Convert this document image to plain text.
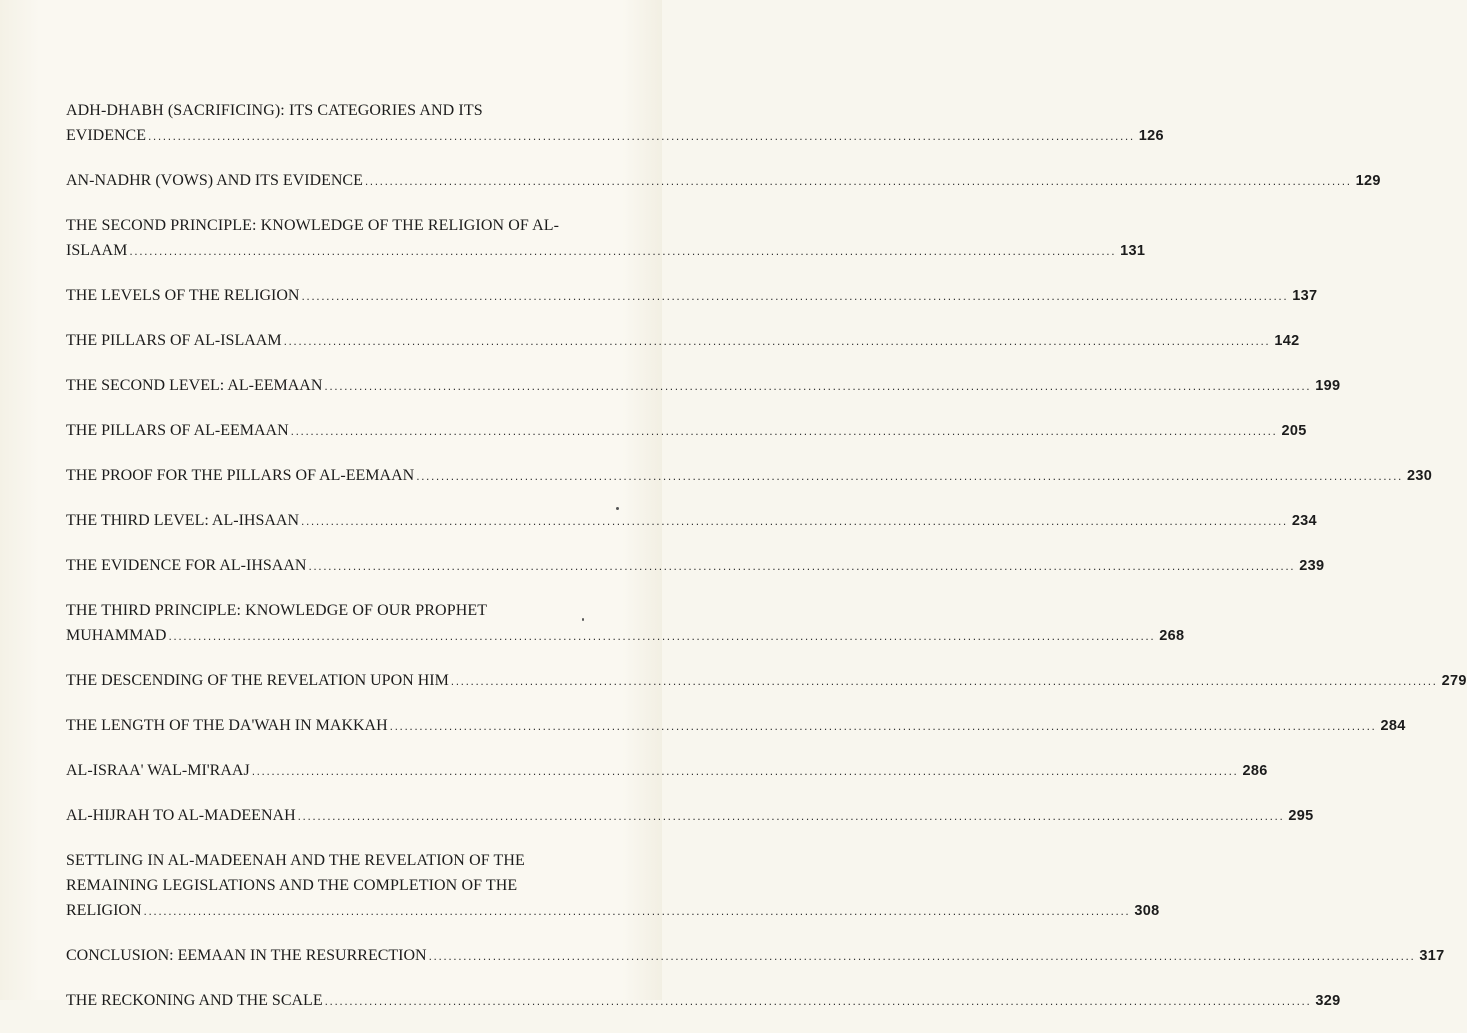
ADH-DHABH (SACRIFICING): ITS CATEGORIES AND ITS
EVIDENCE ........................................................................................................................................................................................................ 126
AN-NADHR (VOWS) AND ITS EVIDENCE ........................................................................................................................................................................................................ 129
THE SECOND PRINCIPLE: KNOWLEDGE OF THE RELIGION OF AL-
ISLAAM ........................................................................................................................................................................................................ 131
THE LEVELS OF THE RELIGION ........................................................................................................................................................................................................ 137
THE PILLARS OF AL-ISLAAM ........................................................................................................................................................................................................ 142
THE SECOND LEVEL: AL-EEMAAN ........................................................................................................................................................................................................ 199
THE PILLARS OF AL-EEMAAN ........................................................................................................................................................................................................ 205
THE PROOF FOR THE PILLARS OF AL-EEMAAN ........................................................................................................................................................................................................ 230
THE THIRD LEVEL: AL-IHSAAN ........................................................................................................................................................................................................ 234
THE EVIDENCE FOR AL-IHSAAN ........................................................................................................................................................................................................ 239
THE THIRD PRINCIPLE: KNOWLEDGE OF OUR PROPHET
MUHAMMAD ........................................................................................................................................................................................................ 268
THE DESCENDING OF THE REVELATION UPON HIM ........................................................................................................................................................................................................ 279
THE LENGTH OF THE DA'WAH IN MAKKAH ........................................................................................................................................................................................................ 284
AL-ISRAA' WAL-MI'RAAJ ........................................................................................................................................................................................................ 286
AL-HIJRAH TO AL-MADEENAH ........................................................................................................................................................................................................ 295
SETTLING IN AL-MADEENAH AND THE REVELATION OF THE
REMAINING LEGISLATIONS AND THE COMPLETION OF THE
RELIGION ........................................................................................................................................................................................................ 308
CONCLUSION: EEMAAN IN THE RESURRECTION ........................................................................................................................................................................................................ 317
THE RECKONING AND THE SCALE ........................................................................................................................................................................................................ 329
